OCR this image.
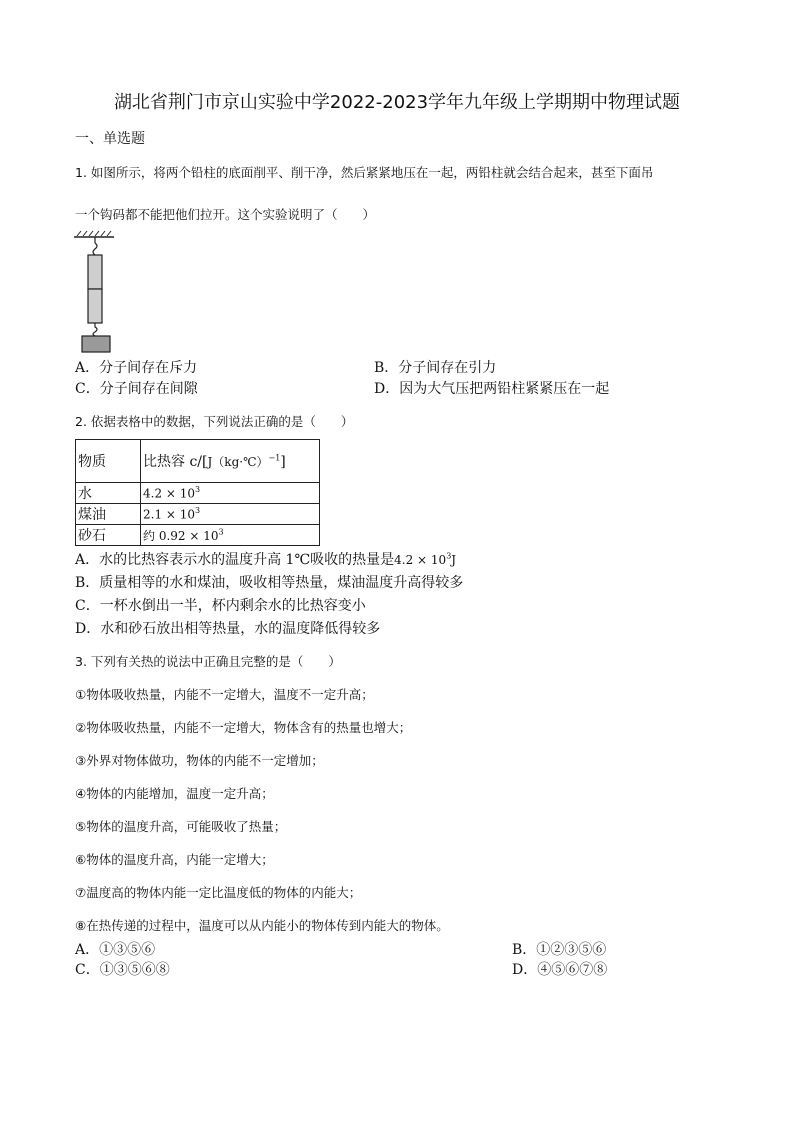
湖北省荆门市京山实验中学2022-2023学年九年级上学期期中物理试题
一、单选题
1. 如图所示，将两个铅柱的底面削平、削干净，然后紧紧地压在一起，两铅柱就会结合起来，甚至下面吊
一个钩码都不能把他们拉开。这个实验说明了（　　）
A．分子间存在斥力	B．分子间存在引力
C．分子间存在间隙	D．因为大气压把两铅柱紧紧压在一起
2. 依据表格中的数据，下列说法正确的是（　　）
物质	比热容 c/[J（kg·℃）$^{-1}$]
水	$4.2 \times 10^3$
煤油	$2.1 \times 10^3$
砂石	约 $0.92 \times 10^3$
A．水的比热容表示水的温度升高 1℃吸收的热量是$4.2 \times 10^3J$
B．质量相等的水和煤油，吸收相等热量，煤油温度升高得较多
C．一杯水倒出一半，杯内剩余水的比热容变小
D．水和砂石放出相等热量，水的温度降低得较多
3. 下列有关热的说法中正确且完整的是（　　）
①物体吸收热量，内能不一定增大，温度不一定升高；
②物体吸收热量，内能不一定增大，物体含有的热量也增大；
③外界对物体做功，物体的内能不一定增加；
④物体的内能增加，温度一定升高；
⑤物体的温度升高，可能吸收了热量；
⑥物体的温度升高，内能一定增大；
⑦温度高的物体内能一定比温度低的物体的内能大；
⑧在热传递的过程中，温度可以从内能小的物体传到内能大的物体。
A．①③⑤⑥	B．①②③⑤⑥
C．①③⑤⑥⑧	D．④⑤⑥⑦⑧
